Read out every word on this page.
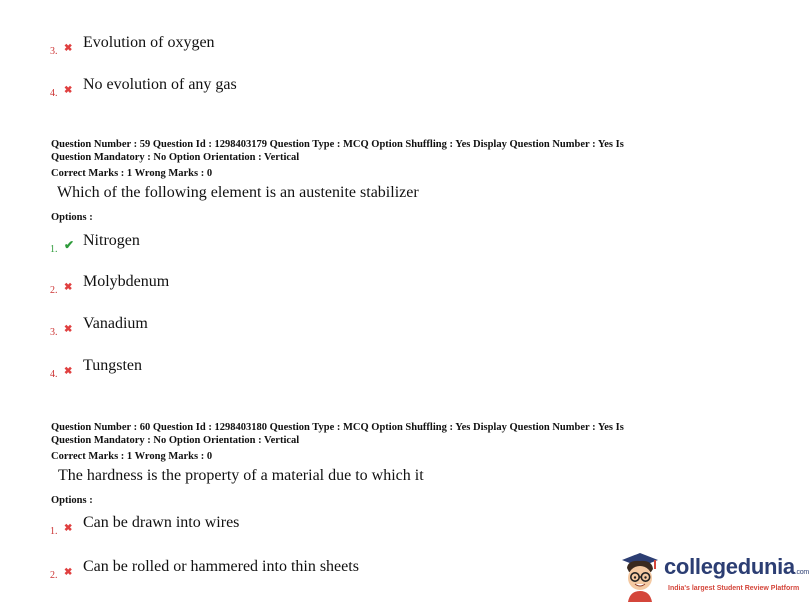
3. ✖ Evolution of oxygen
4. ✖ No evolution of any gas
Question Number : 59 Question Id : 1298403179 Question Type : MCQ Option Shuffling : Yes Display Question Number : Yes Is
Question Mandatory : No Option Orientation : Vertical
Correct Marks : 1 Wrong Marks : 0
Which of the following element is an austenite stabilizer
Options :
1. ✔ Nitrogen
2. ✖ Molybdenum
3. ✖ Vanadium
4. ✖ Tungsten
Question Number : 60 Question Id : 1298403180 Question Type : MCQ Option Shuffling : Yes Display Question Number : Yes Is
Question Mandatory : No Option Orientation : Vertical
Correct Marks : 1 Wrong Marks : 0
The hardness is the property of a material due to which it
Options :
1. ✖ Can be drawn into wires
2. ✖ Can be rolled or hammered into thin sheets	collegedunia.com
India's largest Student Review Platform
